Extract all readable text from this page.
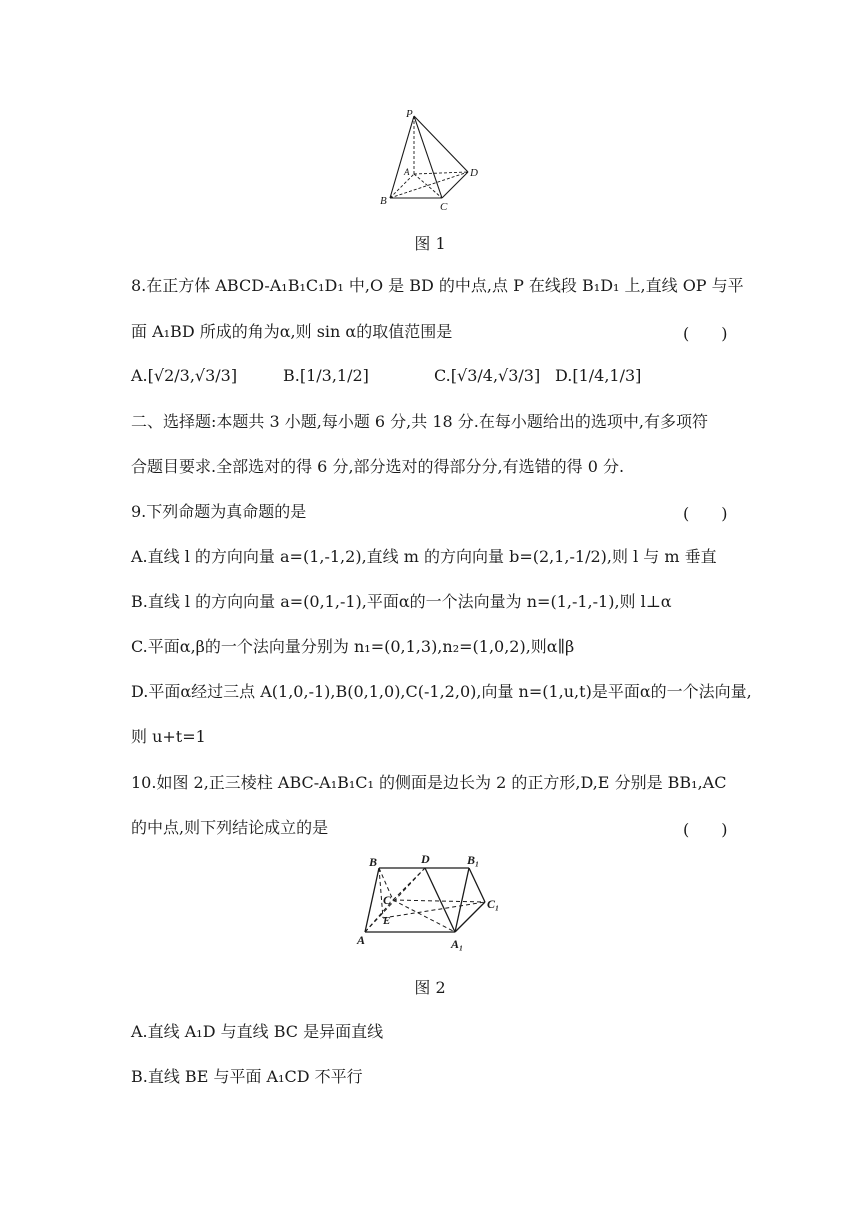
P
A
B	C
D
图 1
8.在正方体 ABCD-A₁B₁C₁D₁ 中,O 是 BD 的中点,点 P 在线段 B₁D₁ 上,直线 OP 与平
面 A₁BD 所成的角为α,则 sin α的取值范围是	(　　)
A.[√2/3,√3/3]	B.[1/3,1/2]	C.[√3/4,√3/3] D.[1/4,1/3]
二、选择题:本题共 3 小题,每小题 6 分,共 18 分.在每小题给出的选项中,有多项符
合题目要求.全部选对的得 6 分,部分选对的得部分分,有选错的得 0 分.
9.下列命题为真命题的是	(　　)
A.直线 l 的方向向量 a=(1,-1,2),直线 m 的方向向量 b=(2,1,-1/2),则 l 与 m 垂直
B.直线 l 的方向向量 a=(0,1,-1),平面α的一个法向量为 n=(1,-1,-1),则 l⊥α
C.平面α,β的一个法向量分别为 n₁=(0,1,3),n₂=(1,0,2),则α∥β
D.平面α经过三点 A(1,0,-1),B(0,1,0),C(-1,2,0),向量 n=(1,u,t)是平面α的一个法向量,
则 u+t=1
10.如图 2,正三棱柱 ABC-A₁B₁C₁ 的侧面是边长为 2 的正方形,D,E 分别是 BB₁,AC
的中点,则下列结论成立的是	(　　)
B	D	B₁
C	C₁
E
A	A₁
图 2
A.直线 A₁D 与直线 BC 是异面直线
B.直线 BE 与平面 A₁CD 不平行
